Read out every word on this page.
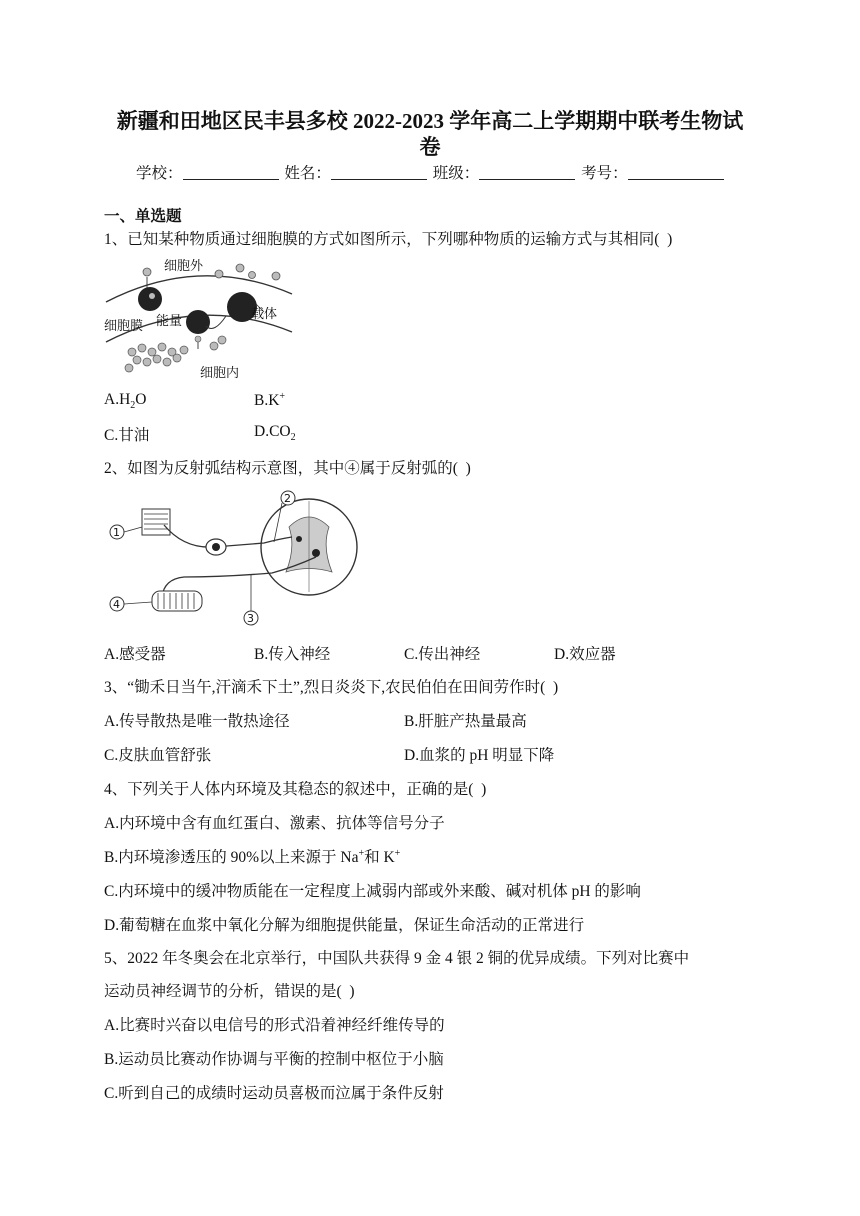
新疆和田地区民丰县多校 2022-2023 学年高二上学期期中联考生物试
卷
学校：	姓名：	班级：	考号：
一、单选题
1、已知某种物质通过细胞膜的方式如图所示，下列哪种物质的运输方式与其相同(  )
细胞外
细胞膜 能量	载体
细胞内
$A.H_2O$	B.K+
C.甘油	$D.CO_2$
2、如图为反射弧结构示意图，其中④属于反射弧的(  )
1
2
3
4
A.感受器	B.传入神经	C.传出神经	D.效应器
3、“锄禾日当午,汗滴禾下土”,烈日炎炎下,农民伯伯在田间劳作时(  )
A.传导散热是唯一散热途径	B.肝脏产热量最高
C.皮肤血管舒张	D.血浆的 pH 明显下降
4、下列关于人体内环境及其稳态的叙述中，正确的是(  )
A.内环境中含有血红蛋白、激素、抗体等信号分子
B.内环境渗透压的 90%以上来源于 Na+和 K+
C.内环境中的缓冲物质能在一定程度上减弱内部或外来酸、碱对机体 pH 的影响
D.葡萄糖在血浆中氧化分解为细胞提供能量，保证生命活动的正常进行
5、2022 年冬奥会在北京举行，中国队共获得 9 金 4 银 2 铜的优异成绩。下列对比赛中
运动员神经调节的分析，错误的是(  )
A.比赛时兴奋以电信号的形式沿着神经纤维传导的
B.运动员比赛动作协调与平衡的控制中枢位于小脑
C.听到自己的成绩时运动员喜极而泣属于条件反射
